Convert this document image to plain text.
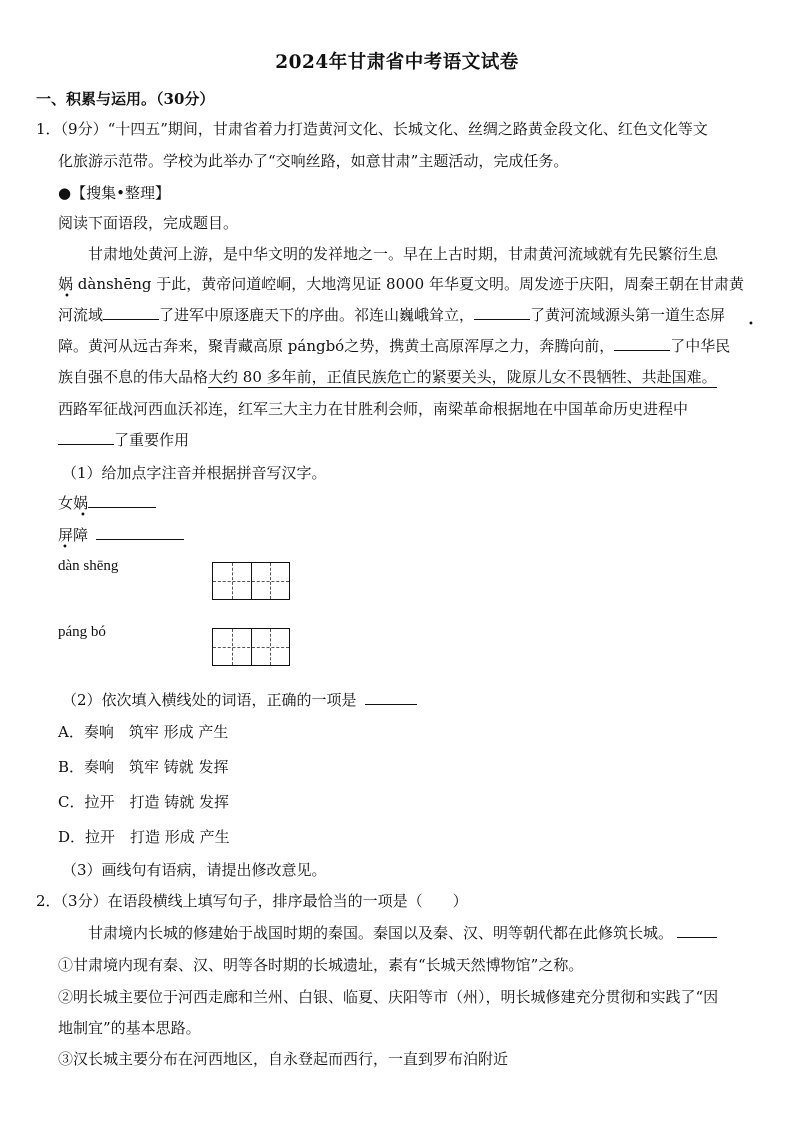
2024年甘肃省中考语文试卷
一、积累与运用。（30分）
1．（9分）“十四五”期间，甘肃省着力打造黄河文化、长城文化、丝绸之路黄金段文化、红色文化等文
化旅游示范带。学校为此举办了“交响丝路，如意甘肃”主题活动，完成任务。
●【搜集•整理】
阅读下面语段，完成题目。
甘肃地处黄河上游，是中华文明的发祥地之一。早在上古时期，甘肃黄河流域就有先民繁衍生息
娲
•
dànshēng 于此，黄帝问道崆峒，大地湾见证 8000 年华夏文明。周发迹于庆阳，周秦王朝在甘肃黄
河流域	了进军中原逐鹿天下的序曲。祁连山巍峨耸立，	了黄河流域源头第一道生态屏
•
障。黄河从远古奔来，聚青藏高原 pángbó之势，携黄土高原浑厚之力，奔腾向前，	了中华民
族自强不息的伟大品格大约 80 多年前，正值民族危亡的紧要关头，陇原儿女不畏牺牲、共赴国难。
西路军征战河西血沃祁连，红军三大主力在甘胜利会师，南梁革命根据地在中国革命历史进程中
了重要作用
（1）给加点字注音并根据拼音写汉字。
女娲
•
屏障
•
dàn shēng
páng bó
（2）依次填入横线处的词语，正确的一项是
A．奏响　筑牢 形成 产生
B．奏响　筑牢 铸就 发挥
C．拉开　打造 铸就 发挥
D．拉开　打造 形成 产生
（3）画线句有语病，请提出修改意见。
2．（3分）在语段横线上填写句子，排序最恰当的一项是（　　）
甘肃境内长城的修建始于战国时期的秦国。秦国以及秦、汉、明等朝代都在此修筑长城。
①甘肃境内现有秦、汉、明等各时期的长城遗址，素有“长城天然博物馆”之称。
②明长城主要位于河西走廊和兰州、白银、临夏、庆阳等市（州），明长城修建充分贯彻和实践了“因
地制宜”的基本思路。
③汉长城主要分布在河西地区，自永登起而西行，一直到罗布泊附近
